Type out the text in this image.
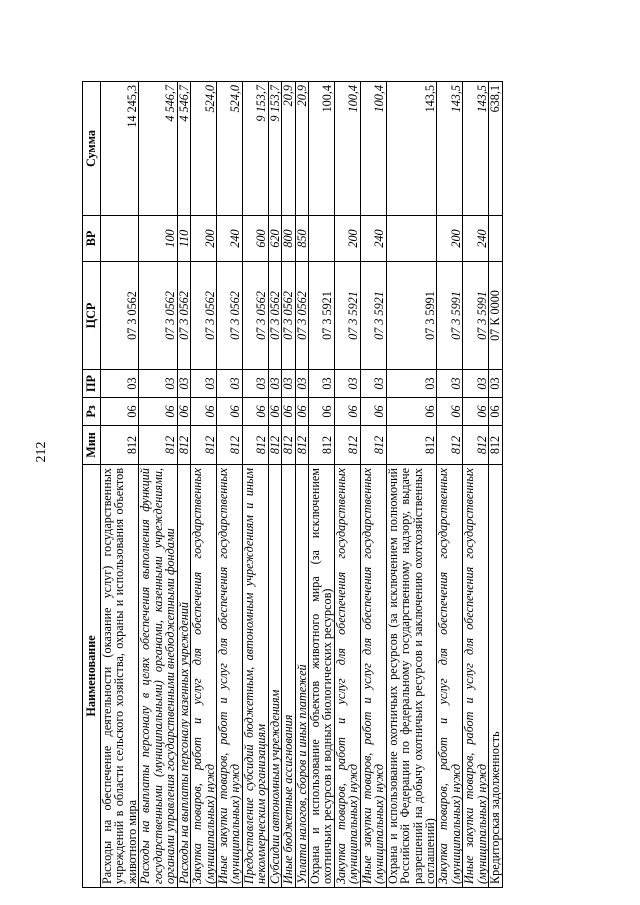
212
Наименование	Мин	Рз	ПР	ЦСР	ВР	Сумма
Расходы на обеспечение деятельности (оказание услуг) государственных учреждений в области сельского хозяйства, охраны и использования объектов животного мира	812	06	03	07 3 0562		14 245,3
Расходы на выплаты персоналу в целях обеспечения выполнения функций государственными (муниципальными) органами, казенными учреждениями, органами управления государственными внебюджетными фондами	812	06	03	07 3 0562	100	4 546,7
Расходы на выплаты персоналу казенных учреждений	812	06	03	07 3 0562	110	4 546,7
Закупка товаров, работ и услуг для обеспечения государственных (муниципальных) нужд	812	06	03	07 3 0562	200	524,0
Иные закупки товаров, работ и услуг для обеспечения государственных (муниципальных) нужд	812	06	03	07 3 0562	240	524,0
Предоставление субсидий бюджетным, автономным учреждениям и иным некоммерческим организациям	812	06	03	07 3 0562	600	9 153,7
Субсидии автономным учреждениям	812	06	03	07 3 0562	620	9 153,7
Иные бюджетные ассигнования	812	06	03	07 3 0562	800	20,9
Уплата налогов, сборов и иных платежей	812	06	03	07 3 0562	850	20,9
Охрана и использование объектов животного мира (за исключением охотничьих ресурсов и водных биологических ресурсов)	812	06	03	07 3 5921		100,4
Закупка товаров, работ и услуг для обеспечения государственных (муниципальных) нужд	812	06	03	07 3 5921	200	100,4
Иные закупки товаров, работ и услуг для обеспечения государственных (муниципальных) нужд	812	06	03	07 3 5921	240	100,4
Охрана и использование охотничьих ресурсов (за исключением полномочий Российской Федерации по федеральному государственному надзору, выдаче разрешений на добычу охотничьих ресурсов и заключению охотхозяйственных соглашений)	812	06	03	07 3 5991		143,5
Закупка товаров, работ и услуг для обеспечения государственных (муниципальных) нужд	812	06	03	07 3 5991	200	143,5
Иные закупки товаров, работ и услуг для обеспечения государственных (муниципальных) нужд	812	06	03	07 3 5991	240	143,5
Кредиторская задолженность	812	06	03	07 К 0000		638,1
